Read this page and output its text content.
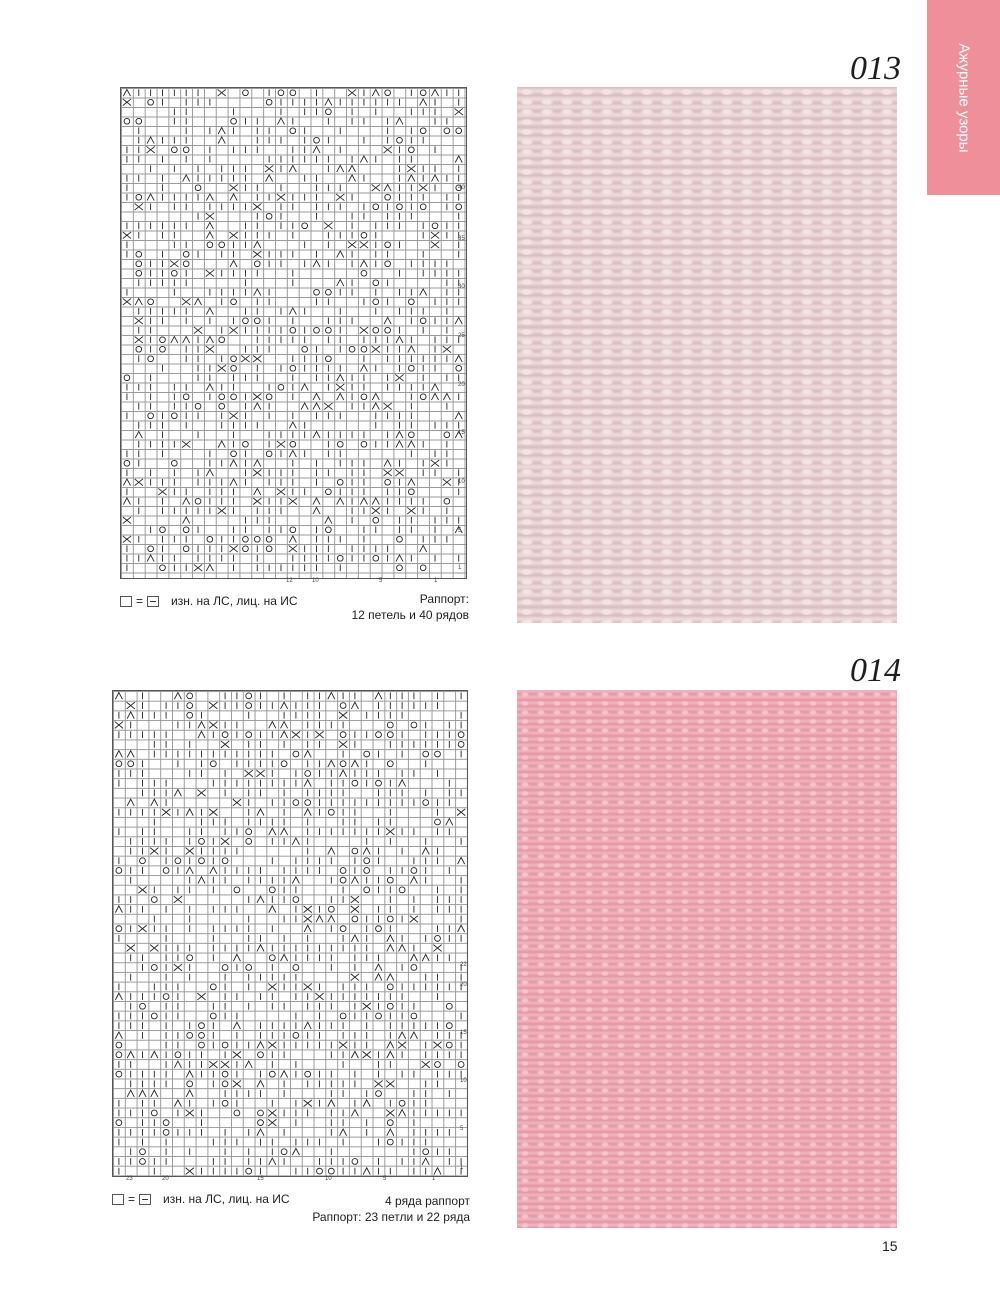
Ажурные узоры
013
40
35
30
25
20
15
10
5
1
12	10	5	1
= изн. на ЛС, лиц. на ИС	Раппорт:
12 петель и 40 рядов
014
22
20
15
10
5
1
23	20	15	10	5	1
= изн. на ЛС, лиц. на ИС	4 ряда раппорт
Раппорт: 23 петли и 22 ряда
15
